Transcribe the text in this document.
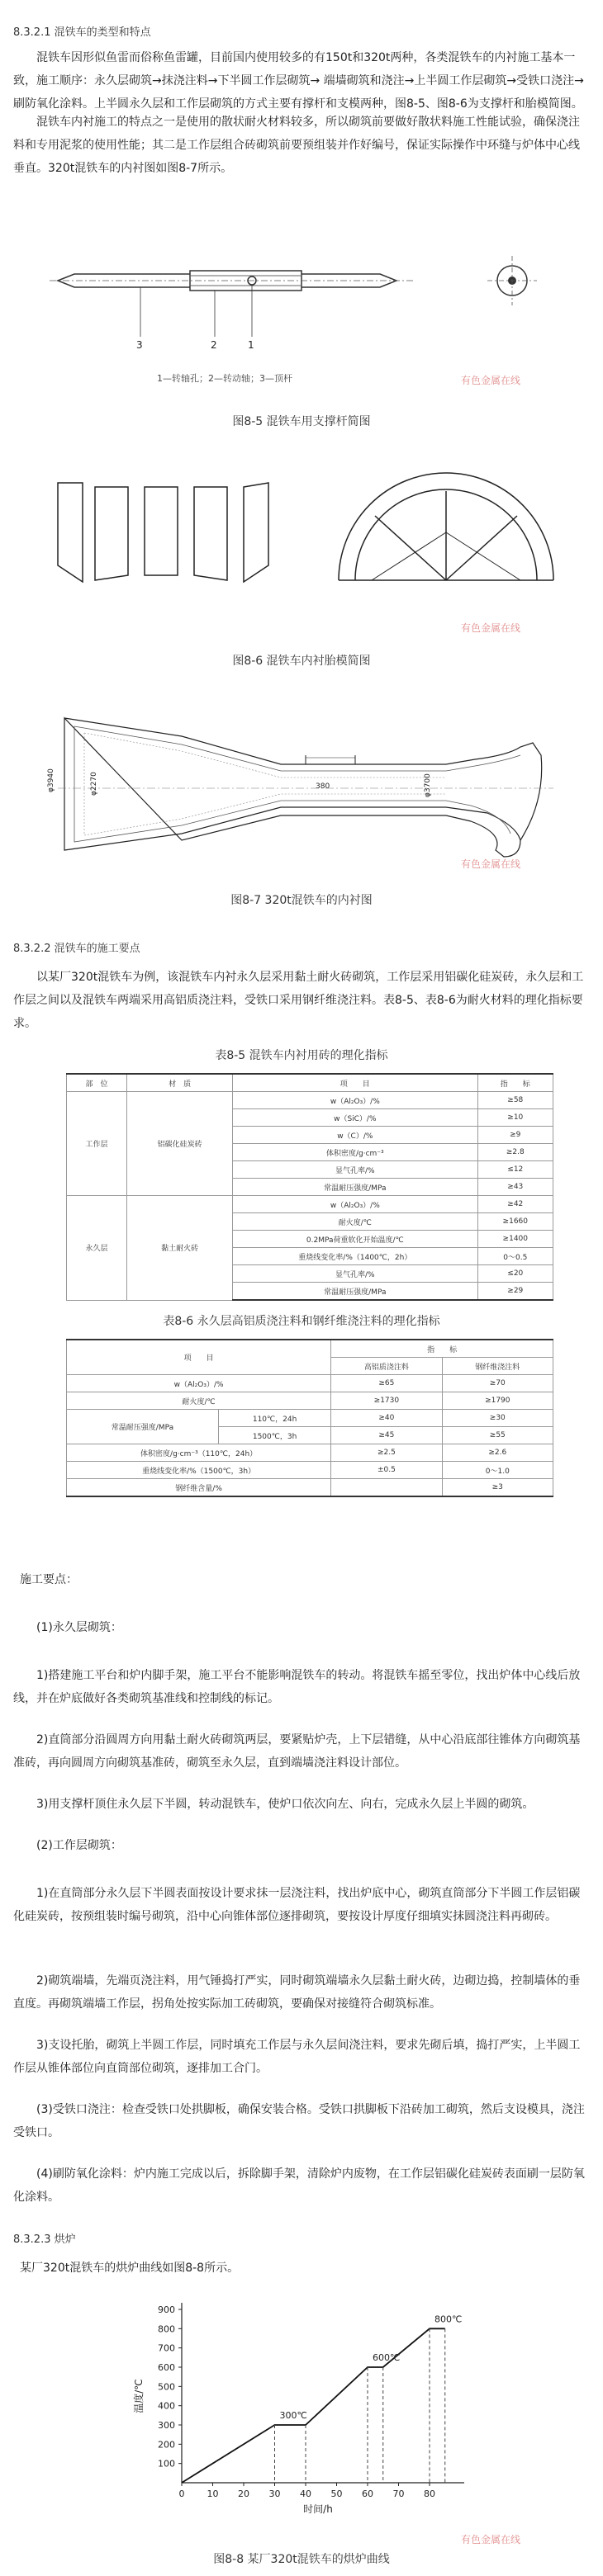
8.3.2.1 混铁车的类型和特点

混铁车因形似鱼雷而俗称鱼雷罐，目前国内使用较多的有150t和320t两种，各类混铁车的内衬施工基本一致，施工顺序：永久层砌筑→抹浇注料→下半圆工作层砌筑→ 端墙砌筑和浇注→上半圆工作层砌筑→受铁口浇注→刷防氧化涂料。上半圆永久层和工作层砌筑的方式主要有撑杆和支模两种，图8-5、图8-6为支撑杆和胎模简图。

混铁车内衬施工的特点之一是使用的散状耐火材料较多，所以砌筑前要做好散状料施工性能试验，确保浇注料和专用泥浆的使用性能；其二是工作层组合砖砌筑前要预组装并作好编号，保证实际操作中环缝与炉体中心线垂直。320t混铁车的内衬图如图8-7所示。

1
2
3
1—转轴孔；2—转动轴；3—顶杆	有色金属在线

图8-5 混铁车用支撑杆简图

有色金属在线

图8-6 混铁车内衬胎模简图

380
φ3940	φ2270	φ3700
有色金属在线

图8-7 320t混铁车的内衬图

8.3.2.2 混铁车的施工要点

以某厂320t混铁车为例，该混铁车内衬永久层采用黏土耐火砖砌筑，工作层采用铝碳化硅炭砖，永久层和工作层之间以及混铁车两端采用高铝质浇注料，受铁口采用钢纤维浇注料。表8-5、表8-6为耐火材料的理化指标要求。

表8-5 混铁车内衬用砖的理化指标

部　位	材　质	项　　目	指　　标
工作层	铝碳化硅炭砖	w（Al₂O₃）/%	≥58
		w（SiC）/%	≥10
		w（C）/%	≥9
		体积密度/g·cm⁻³	≥2.8
		显气孔率/%	≤12
		常温耐压强度/MPa	≥43
永久层	黏土耐火砖	w（Al₂O₃）/%	≥42
		耐火度/℃	≥1660
		0.2MPa荷重软化开始温度/℃	≥1400
		重烧线变化率/%（1400℃，2h）	0～0.5
		显气孔率/%	≤20
		常温耐压强度/MPa	≥29

表8-6 永久层高铝质浇注料和钢纤维浇注料的理化指标

项　　目		指　　标	
		高铝质浇注料	钢纤维浇注料
w（Al₂O₃）/%		≥65	≥70
耐火度/℃		≥1730	≥1790
常温耐压强度/MPa	110℃，24h	≥40	≥30
	1500℃，3h	≥45	≥55
体积密度/g·cm⁻³（110℃，24h）		≥2.5	≥2.6
重烧线变化率/%（1500℃，3h）		±0.5	0～1.0
钢纤维含量/%			≥3

施工要点：

(1)永久层砌筑：

1)搭建施工平台和炉内脚手架，施工平台不能影响混铁车的转动。将混铁车摇至零位，找出炉体中心线后放线，并在炉底做好各类砌筑基准线和控制线的标记。

2)直筒部分沿圆周方向用黏土耐火砖砌筑两层，要紧贴炉壳，上下层错缝，从中心沿底部往锥体方向砌筑基准砖，再向圆周方向砌筑基准砖，砌筑至永久层，直到端墙浇注料设计部位。

3)用支撑杆顶住永久层下半圆，转动混铁车，使炉口依次向左、向右，完成永久层上半圆的砌筑。

(2)工作层砌筑：

1)在直筒部分永久层下半圆表面按设计要求抹一层浇注料，找出炉底中心，砌筑直筒部分下半圆工作层铝碳化硅炭砖，按预组装时编号砌筑，沿中心向锥体部位逐排砌筑，要按设计厚度仔细填实抹圆浇注料再砌砖。

2)砌筑端墙，先端页浇注料，用气锤捣打严实，同时砌筑端墙永久层黏土耐火砖，边砌边捣，控制墙体的垂直度。再砌筑端墙工作层，拐角处按实际加工砖砌筑，要确保对接缝符合砌筑标准。

3)支设托胎，砌筑上半圆工作层，同时填充工作层与永久层间浇注料，要求先砌后填，捣打严实，上半圆工作层从锥体部位向直筒部位砌筑，逐排加工合门。

(3)受铁口浇注：检查受铁口处拱脚板，确保安装合格。受铁口拱脚板下沿砖加工砌筑，然后支设模具，浇注受铁口。

(4)刷防氧化涂料：炉内施工完成以后，拆除脚手架，清除炉内废物，在工作层铝碳化硅炭砖表面刷一层防氧化涂料。

8.3.2.3 烘炉

某厂320t混铁车的烘炉曲线如图8-8所示。

0 10 20 30 40 50 60 70 80
100
200
300
400
500
600
700
800
900
时间/h
温度/℃
300℃
600℃
800℃
有色金属在线

图8-8 某厂320t混铁车的烘炉曲线
